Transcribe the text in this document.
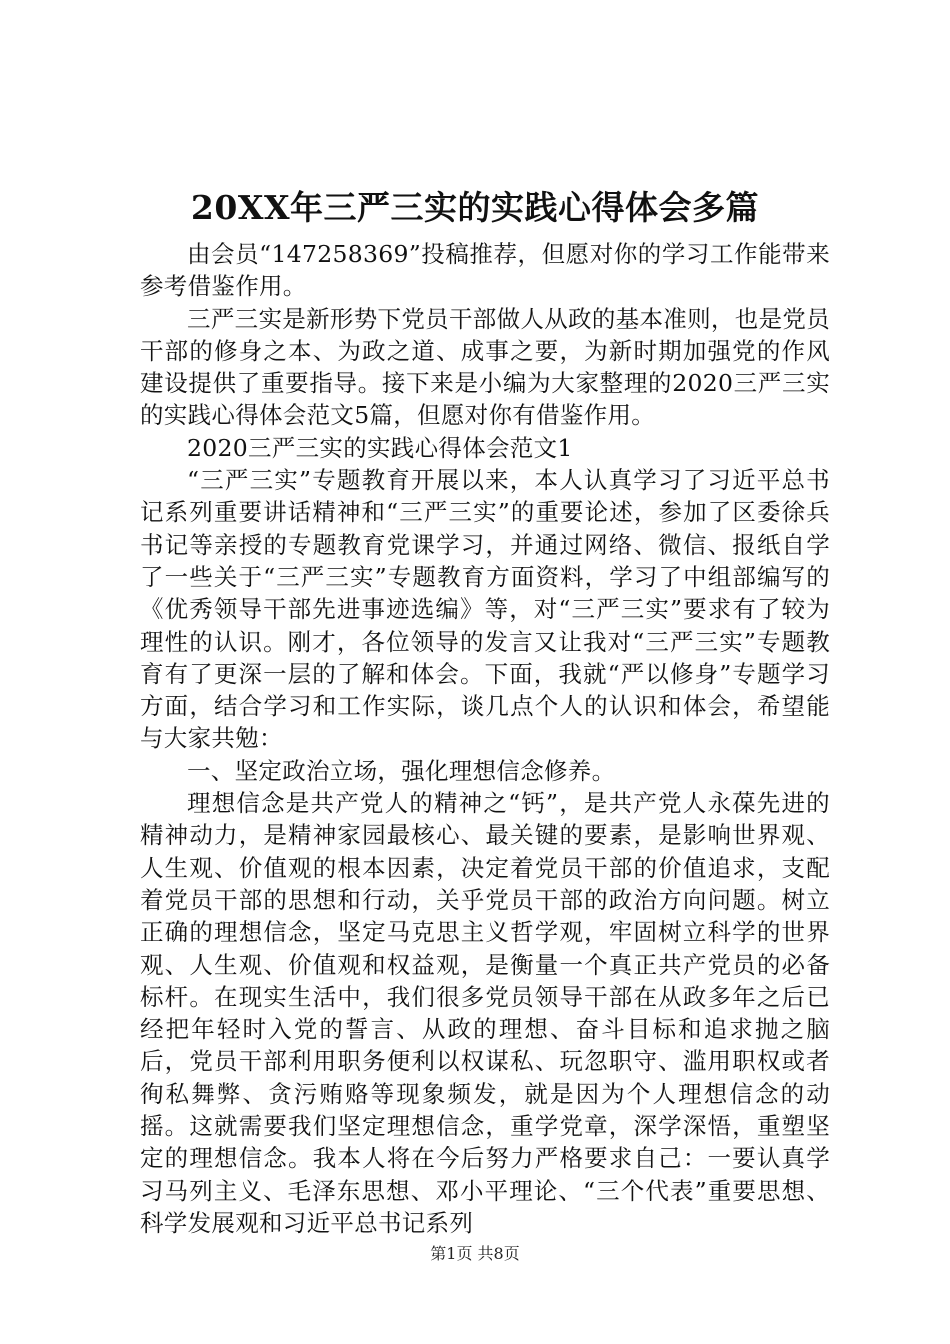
20XX年三严三实的实践心得体会多篇

由会员“147258369”投稿推荐，但愿对你的学习工作能带来参考借鉴作用。

三严三实是新形势下党员干部做人从政的基本准则，也是党员干部的修身之本、为政之道、成事之要，为新时期加强党的作风建设提供了重要指导。接下来是小编为大家整理的2020三严三实的实践心得体会范文5篇，但愿对你有借鉴作用。

2020三严三实的实践心得体会范文1

“三严三实”专题教育开展以来，本人认真学习了习近平总书记系列重要讲话精神和“三严三实”的重要论述，参加了区委徐兵书记等亲授的专题教育党课学习，并通过网络、微信、报纸自学了一些关于“三严三实”专题教育方面资料，学习了中组部编写的《优秀领导干部先进事迹选编》等，对“三严三实”要求有了较为理性的认识。刚才，各位领导的发言又让我对“三严三实”专题教育有了更深一层的了解和体会。下面，我就“严以修身”专题学习方面，结合学习和工作实际，谈几点个人的认识和体会，希望能与大家共勉：

一、坚定政治立场，强化理想信念修养。

理想信念是共产党人的精神之“钙”，是共产党人永葆先进的精神动力，是精神家园最核心、最关键的要素，是影响世界观、人生观、价值观的根本因素，决定着党员干部的价值追求，支配着党员干部的思想和行动，关乎党员干部的政治方向问题。树立正确的理想信念，坚定马克思主义哲学观，牢固树立科学的世界观、人生观、价值观和权益观，是衡量一个真正共产党员的必备标杆。在现实生活中，我们很多党员领导干部在从政多年之后已经把年轻时入党的誓言、从政的理想、奋斗目标和追求抛之脑后，党员干部利用职务便利以权谋私、玩忽职守、滥用职权或者徇私舞弊、贪污贿赂等现象频发，就是因为个人理想信念的动摇。这就需要我们坚定理想信念，重学党章，深学深悟，重塑坚定的理想信念。我本人将在今后努力严格要求自己：一要认真学习马列主义、毛泽东思想、邓小平理论、“三个代表”重要思想、科学发展观和习近平总书记系列

第1页 共8页
